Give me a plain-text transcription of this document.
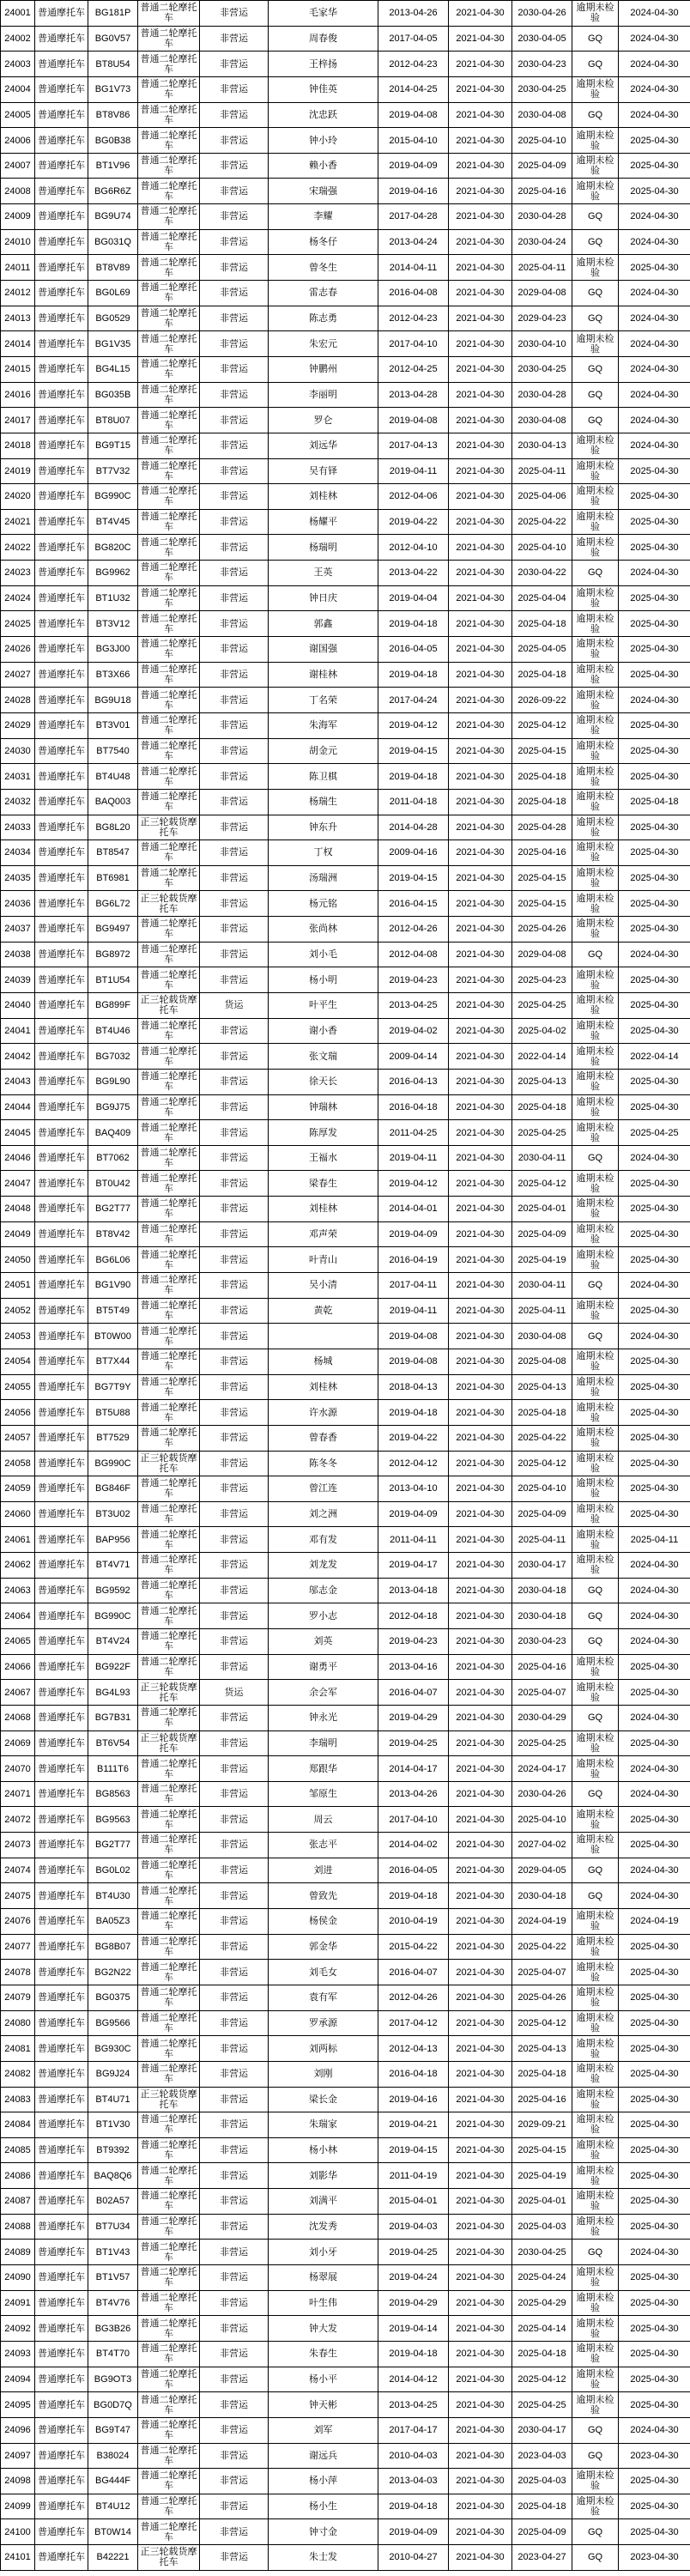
24001	普通摩托车	BG181P	普通二轮摩托车	非营运	毛家华	2013-04-26	2021-04-30	2030-04-26	逾期未检验	2024-04-30
24002	普通摩托车	BG0V57	普通二轮摩托车	非营运	周春俊	2017-04-05	2021-04-30	2030-04-05	GQ	2024-04-30
24003	普通摩托车	BT8U54	普通二轮摩托车	非营运	王梓扬	2012-04-23	2021-04-30	2030-04-23	GQ	2024-04-30
24004	普通摩托车	BG1V73	普通二轮摩托车	非营运	钟佳英	2014-04-25	2021-04-30	2030-04-25	逾期未检验	2024-04-30
24005	普通摩托车	BT8V86	普通二轮摩托车	非营运	沈忠跃	2019-04-08	2021-04-30	2030-04-08	GQ	2024-04-30
24006	普通摩托车	BG0B38	普通二轮摩托车	非营运	钟小玲	2015-04-10	2021-04-30	2025-04-10	逾期未检验	2025-04-30
24007	普通摩托车	BT1V96	普通二轮摩托车	非营运	赖小香	2019-04-09	2021-04-30	2025-04-09	逾期未检验	2025-04-30
24008	普通摩托车	BG6R6Z	普通二轮摩托车	非营运	宋瑞强	2019-04-16	2021-04-30	2025-04-16	逾期未检验	2025-04-30
24009	普通摩托车	BG9U74	普通二轮摩托车	非营运	李耀	2017-04-28	2021-04-30	2030-04-28	GQ	2024-04-30
24010	普通摩托车	BG031Q	普通二轮摩托车	非营运	杨冬仔	2013-04-24	2021-04-30	2030-04-24	GQ	2024-04-30
24011	普通摩托车	BT8V89	普通二轮摩托车	非营运	曾冬生	2014-04-11	2021-04-30	2025-04-11	逾期未检验	2025-04-30
24012	普通摩托车	BG0L69	普通二轮摩托车	非营运	雷志春	2016-04-08	2021-04-30	2029-04-08	GQ	2024-04-30
24013	普通摩托车	BG0529	普通二轮摩托车	非营运	陈志勇	2012-04-23	2021-04-30	2029-04-23	GQ	2024-04-30
24014	普通摩托车	BG1V35	普通二轮摩托车	非营运	朱宏元	2017-04-10	2021-04-30	2030-04-10	逾期未检验	2024-04-30
24015	普通摩托车	BG4L15	普通二轮摩托车	非营运	钟鹏州	2012-04-25	2021-04-30	2030-04-25	GQ	2024-04-30
24016	普通摩托车	BG035B	普通二轮摩托车	非营运	李丽明	2013-04-28	2021-04-30	2030-04-28	GQ	2024-04-30
24017	普通摩托车	BT8U07	普通二轮摩托车	非营运	罗仑	2019-04-08	2021-04-30	2030-04-08	GQ	2024-04-30
24018	普通摩托车	BG9T15	普通二轮摩托车	非营运	刘远华	2017-04-13	2021-04-30	2030-04-13	逾期未检验	2024-04-30
24019	普通摩托车	BT7V32	普通二轮摩托车	非营运	吴有铎	2019-04-11	2021-04-30	2025-04-11	逾期未检验	2025-04-30
24020	普通摩托车	BG990C	普通二轮摩托车	非营运	刘桂林	2012-04-06	2021-04-30	2025-04-06	逾期未检验	2025-04-30
24021	普通摩托车	BT4V45	普通二轮摩托车	非营运	杨耀平	2019-04-22	2021-04-30	2025-04-22	逾期未检验	2025-04-30
24022	普通摩托车	BG820C	普通二轮摩托车	非营运	杨瑞明	2012-04-10	2021-04-30	2025-04-10	逾期未检验	2025-04-30
24023	普通摩托车	BG9962	普通二轮摩托车	非营运	王英	2013-04-22	2021-04-30	2030-04-22	GQ	2024-04-30
24024	普通摩托车	BT1U32	普通二轮摩托车	非营运	钟日庆	2019-04-04	2021-04-30	2025-04-04	逾期未检验	2025-04-30
24025	普通摩托车	BT3V12	普通二轮摩托车	非营运	郭鑫	2019-04-18	2021-04-30	2025-04-18	逾期未检验	2025-04-30
24026	普通摩托车	BG3J00	普通二轮摩托车	非营运	谢国强	2016-04-05	2021-04-30	2025-04-05	逾期未检验	2025-04-30
24027	普通摩托车	BT3X66	普通二轮摩托车	非营运	谢桂林	2019-04-18	2021-04-30	2025-04-18	逾期未检验	2025-04-30
24028	普通摩托车	BG9U18	普通二轮摩托车	非营运	丁名荣	2017-04-24	2021-04-30	2026-09-22	逾期未检验	2024-04-30
24029	普通摩托车	BT3V01	普通二轮摩托车	非营运	朱海军	2019-04-12	2021-04-30	2025-04-12	逾期未检验	2025-04-30
24030	普通摩托车	BT7540	普通二轮摩托车	非营运	胡金元	2019-04-15	2021-04-30	2025-04-15	逾期未检验	2025-04-30
24031	普通摩托车	BT4U48	普通二轮摩托车	非营运	陈卫棋	2019-04-18	2021-04-30	2025-04-18	逾期未检验	2025-04-30
24032	普通摩托车	BAQ003	普通二轮摩托车	非营运	杨瑞生	2011-04-18	2021-04-30	2025-04-18	逾期未检验	2025-04-18
24033	普通摩托车	BG8L20	正三轮载货摩托车	非营运	钟东升	2014-04-28	2021-04-30	2025-04-28	逾期未检验	2025-04-30
24034	普通摩托车	BT8547	普通二轮摩托车	非营运	丁权	2009-04-16	2021-04-30	2025-04-16	逾期未检验	2025-04-30
24035	普通摩托车	BT6981	普通二轮摩托车	非营运	汤瑞洲	2019-04-15	2021-04-30	2025-04-15	逾期未检验	2025-04-30
24036	普通摩托车	BG6L72	正三轮载货摩托车	非营运	杨元铭	2016-04-15	2021-04-30	2025-04-15	逾期未检验	2025-04-30
24037	普通摩托车	BG9497	普通二轮摩托车	非营运	张尚林	2012-04-26	2021-04-30	2025-04-26	逾期未检验	2025-04-30
24038	普通摩托车	BG8972	普通二轮摩托车	非营运	刘小毛	2012-04-08	2021-04-30	2029-04-08	GQ	2024-04-30
24039	普通摩托车	BT1U54	普通二轮摩托车	非营运	杨小明	2019-04-23	2021-04-30	2025-04-23	逾期未检验	2025-04-30
24040	普通摩托车	BG899F	正三轮载货摩托车	货运	叶平生	2013-04-25	2021-04-30	2025-04-25	逾期未检验	2025-04-30
24041	普通摩托车	BT4U46	普通二轮摩托车	非营运	谢小香	2019-04-02	2021-04-30	2025-04-02	逾期未检验	2025-04-30
24042	普通摩托车	BG7032	普通二轮摩托车	非营运	张文瑞	2009-04-14	2021-04-30	2022-04-14	逾期未检验	2022-04-14
24043	普通摩托车	BG9L90	普通二轮摩托车	非营运	徐天长	2016-04-13	2021-04-30	2025-04-13	逾期未检验	2025-04-30
24044	普通摩托车	BG9J75	普通二轮摩托车	非营运	钟瑞林	2016-04-18	2021-04-30	2025-04-18	逾期未检验	2025-04-30
24045	普通摩托车	BAQ409	普通二轮摩托车	非营运	陈厚发	2011-04-25	2021-04-30	2025-04-25	逾期未检验	2025-04-25
24046	普通摩托车	BT7062	普通二轮摩托车	非营运	王福水	2019-04-11	2021-04-30	2030-04-11	GQ	2024-04-30
24047	普通摩托车	BT0U42	普通二轮摩托车	非营运	梁春生	2019-04-12	2021-04-30	2025-04-12	逾期未检验	2025-04-30
24048	普通摩托车	BG2T77	普通二轮摩托车	非营运	刘桂林	2014-04-01	2021-04-30	2025-04-01	逾期未检验	2025-04-30
24049	普通摩托车	BT8V42	普通二轮摩托车	非营运	邓声荣	2019-04-09	2021-04-30	2025-04-09	逾期未检验	2025-04-30
24050	普通摩托车	BG6L06	普通二轮摩托车	非营运	叶青山	2016-04-19	2021-04-30	2025-04-19	逾期未检验	2025-04-30
24051	普通摩托车	BG1V90	普通二轮摩托车	非营运	吴小清	2017-04-11	2021-04-30	2030-04-11	GQ	2024-04-30
24052	普通摩托车	BT5T49	普通二轮摩托车	非营运	黄乾	2019-04-11	2021-04-30	2025-04-11	逾期未检验	2025-04-30
24053	普通摩托车	BT0W00	普通二轮摩托车	非营运		2019-04-08	2021-04-30	2030-04-08	GQ	2024-04-30
24054	普通摩托车	BT7X44	普通二轮摩托车	非营运	杨城	2019-04-08	2021-04-30	2025-04-08	逾期未检验	2025-04-30
24055	普通摩托车	BG7T9Y	普通二轮摩托车	非营运	刘桂林	2018-04-13	2021-04-30	2025-04-13	逾期未检验	2025-04-30
24056	普通摩托车	BT5U88	普通二轮摩托车	非营运	许水源	2019-04-18	2021-04-30	2025-04-18	逾期未检验	2025-04-30
24057	普通摩托车	BT7529	普通二轮摩托车	非营运	曾春香	2019-04-22	2021-04-30	2025-04-22	逾期未检验	2025-04-30
24058	普通摩托车	BG990C	正三轮载货摩托车	非营运	陈冬冬	2012-04-12	2021-04-30	2025-04-12	逾期未检验	2025-04-30
24059	普通摩托车	BG846F	普通二轮摩托车	非营运	曾江连	2013-04-10	2021-04-30	2025-04-10	逾期未检验	2025-04-30
24060	普通摩托车	BT3U02	普通二轮摩托车	非营运	刘之洲	2019-04-09	2021-04-30	2025-04-09	逾期未检验	2025-04-30
24061	普通摩托车	BAP956	普通二轮摩托车	非营运	邓有发	2011-04-11	2021-04-30	2025-04-11	逾期未检验	2025-04-11
24062	普通摩托车	BT4V71	普通二轮摩托车	非营运	刘龙发	2019-04-17	2021-04-30	2030-04-17	逾期未检验	2024-04-30
24063	普通摩托车	BG9592	普通二轮摩托车	非营运	邬志金	2013-04-18	2021-04-30	2030-04-18	GQ	2024-04-30
24064	普通摩托车	BG990C	普通二轮摩托车	非营运	罗小志	2012-04-18	2021-04-30	2030-04-18	GQ	2024-04-30
24065	普通摩托车	BT4V24	普通二轮摩托车	非营运	刘英	2019-04-23	2021-04-30	2030-04-23	GQ	2024-04-30
24066	普通摩托车	BG922F	普通二轮摩托车	非营运	谢勇平	2013-04-16	2021-04-30	2025-04-16	逾期未检验	2025-04-30
24067	普通摩托车	BG4L93	正三轮载货摩托车	货运	余会军	2016-04-07	2021-04-30	2025-04-07	逾期未检验	2025-04-30
24068	普通摩托车	BG7B31	普通二轮摩托车	非营运	钟永光	2019-04-29	2021-04-30	2030-04-29	GQ	2024-04-30
24069	普通摩托车	BT6V54	正三轮载货摩托车	非营运	李瑞明	2019-04-25	2021-04-30	2025-04-25	逾期未检验	2025-04-30
24070	普通摩托车	B111T6	普通二轮摩托车	非营运	郑跟华	2014-04-17	2021-04-30	2024-04-17	逾期未检验	2024-04-30
24071	普通摩托车	BG8563	普通二轮摩托车	非营运	邹原生	2013-04-26	2021-04-30	2030-04-26	GQ	2024-04-30
24072	普通摩托车	BG9563	普通二轮摩托车	非营运	周云	2017-04-10	2021-04-30	2025-04-10	逾期未检验	2025-04-30
24073	普通摩托车	BG2T77	普通二轮摩托车	非营运	张志平	2014-04-02	2021-04-30	2027-04-02	逾期未检验	2025-04-30
24074	普通摩托车	BG0L02	普通二轮摩托车	非营运	刘进	2016-04-05	2021-04-30	2029-04-05	GQ	2024-04-30
24075	普通摩托车	BT4U30	普通二轮摩托车	非营运	曾致先	2019-04-18	2021-04-30	2030-04-18	GQ	2024-04-30
24076	普通摩托车	BA05Z3	普通二轮摩托车	非营运	杨侯金	2010-04-19	2021-04-30	2024-04-19	逾期未检验	2024-04-19
24077	普通摩托车	BG8B07	普通二轮摩托车	非营运	郭金华	2015-04-22	2021-04-30	2025-04-22	逾期未检验	2025-04-30
24078	普通摩托车	BG2N22	普通二轮摩托车	非营运	刘毛女	2016-04-07	2021-04-30	2025-04-07	逾期未检验	2025-04-30
24079	普通摩托车	BG0375	普通二轮摩托车	非营运	袁有军	2012-04-26	2021-04-30	2025-04-26	逾期未检验	2025-04-30
24080	普通摩托车	BG9566	普通二轮摩托车	非营运	罗承源	2017-04-12	2021-04-30	2025-04-12	逾期未检验	2025-04-30
24081	普通摩托车	BG930C	普通二轮摩托车	非营运	刘两标	2012-04-13	2021-04-30	2025-04-13	逾期未检验	2025-04-30
24082	普通摩托车	BG9J24	普通二轮摩托车	非营运	刘刚	2016-04-18	2021-04-30	2025-04-18	逾期未检验	2025-04-30
24083	普通摩托车	BT4U71	正三轮载货摩托车	非营运	梁长金	2019-04-16	2021-04-30	2025-04-16	逾期未检验	2025-04-30
24084	普通摩托车	BT1V30	普通二轮摩托车	非营运	朱瑞家	2019-04-21	2021-04-30	2029-09-21	逾期未检验	2025-04-30
24085	普通摩托车	BT9392	普通二轮摩托车	非营运	杨小林	2019-04-15	2021-04-30	2025-04-15	逾期未检验	2025-04-30
24086	普通摩托车	BAQ8Q6	普通二轮摩托车	非营运	刘影华	2011-04-19	2021-04-30	2025-04-19	逾期未检验	2025-04-30
24087	普通摩托车	B02A57	普通二轮摩托车	非营运	刘满平	2015-04-01	2021-04-30	2025-04-01	逾期未检验	2025-04-30
24088	普通摩托车	BT7U34	普通二轮摩托车	非营运	沈发秀	2019-04-03	2021-04-30	2025-04-03	逾期未检验	2025-04-30
24089	普通摩托车	BT1V43	普通二轮摩托车	非营运	刘小牙	2019-04-25	2021-04-30	2030-04-25	GQ	2024-04-30
24090	普通摩托车	BT1V57	普通二轮摩托车	非营运	杨翠展	2019-04-24	2021-04-30	2025-04-24	逾期未检验	2025-04-30
24091	普通摩托车	BT4V76	普通二轮摩托车	非营运	叶生伟	2019-04-29	2021-04-30	2025-04-29	逾期未检验	2025-04-30
24092	普通摩托车	BG3B26	普通二轮摩托车	非营运	钟大发	2019-04-14	2021-04-30	2025-04-14	逾期未检验	2025-04-30
24093	普通摩托车	BT4T70	普通二轮摩托车	非营运	朱春生	2019-04-18	2021-04-30	2025-04-18	逾期未检验	2025-04-30
24094	普通摩托车	BG9OT3	普通二轮摩托车	非营运	杨小平	2014-04-12	2021-04-30	2025-04-12	逾期未检验	2025-04-30
24095	普通摩托车	BG0D7Q	普通二轮摩托车	非营运	钟天彬	2013-04-25	2021-04-30	2025-04-25	逾期未检验	2025-04-30
24096	普通摩托车	BG9T47	普通二轮摩托车	非营运	刘军	2017-04-17	2021-04-30	2030-04-17	GQ	2024-04-30
24097	普通摩托车	B38024	普通二轮摩托车	非营运	谢远兵	2010-04-03	2021-04-30	2023-04-03	GQ	2023-04-30
24098	普通摩托车	BG444F	普通二轮摩托车	非营运	杨小萍	2013-04-03	2021-04-30	2025-04-03	逾期未检验	2025-04-30
24099	普通摩托车	BT4U12	普通二轮摩托车	非营运	杨小生	2019-04-18	2021-04-30	2025-04-18	逾期未检验	2025-04-30
24100	普通摩托车	BT0W14	普通二轮摩托车	非营运	钟寸金	2019-04-09	2021-04-30	2025-04-09	GQ	2025-04-30
24101	普通摩托车	B42221	正三轮载货摩托车	非营运	朱士发	2010-04-27	2021-04-30	2023-04-27	GQ	2023-04-30
